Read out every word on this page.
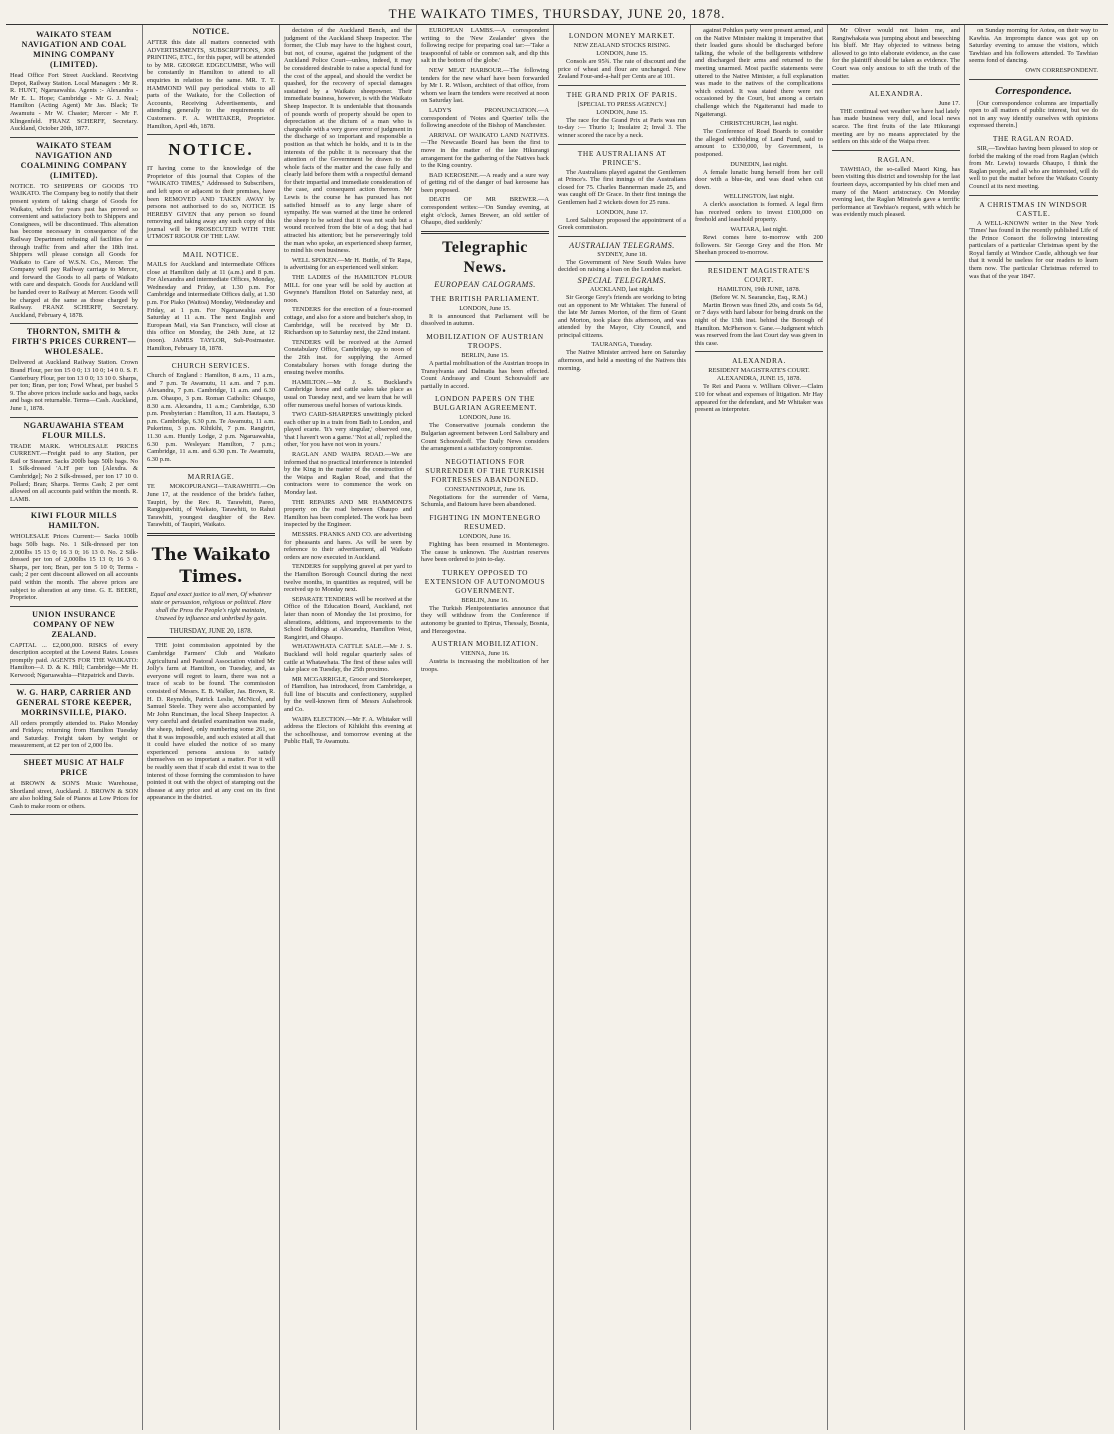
THE WAIKATO TIMES, THURSDAY, JUNE 20, 1878.
WAIKATO STEAM NAVIGATION AND COAL MINING COMPANY (LIMITED).
Head Office Fort Street Auckland. Receiving Depot, Railway Station. Local Managers : Mr R. R. HUNT, Ngaruawahia. Agents :- Alexandra - Mr E. L. Hope; Cambridge - Mr G. J. Neal; Hamilton (Acting Agent) Mr Jas. Black; Te Awamutu - Mr W. Chaster; Mercer - Mr F. Klingenfeld. FRANZ SCHERFF, Secretary. Auckland, October 20th, 1877.
WAIKATO STEAM NAVIGATION AND COALMINING COMPANY (LIMITED).
NOTICE. TO SHIPPERS OF GOODS TO WAIKATO. The Company beg to notify that their present system of taking charge of Goods for Waikato, which for years past has proved so convenient and satisfactory both to Shippers and Consignees, will be discontinued. This alteration has become necessary in consequence of the Railway Department refusing all facilities for a through traffic from and after the 18th inst. Shippers will please consign all Goods for Waikato to Care of W.S.N. Co., Mercer. The Company will pay Railway carriage to Mercer, and forward the Goods to all parts of Waikato with care and despatch. Goods for Auckland will be handed over to Railway at Mercer. Goods will be charged at the same as those charged by Railway. FRANZ SCHERFF, Secretary. Auckland, February 4, 1878.
THORNTON, SMITH & FIRTH'S PRICES CURRENT—WHOLESALE.
Delivered at Auckland Railway Station. Crown Brand Flour, per ton 15 0 0; 13 10 0; 14 0 0. S. F. Canterbury Flour, per ton 13 0 0; 13 10 0. Sharps, per ton; Bran, per ton; Fowl Wheat, per bushel 5 9. The above prices include sacks and bags, sacks and bags not returnable. Terms—Cash. Auckland, June 1, 1878.
NGARUAWAHIA STEAM FLOUR MILLS.
TRADE MARK. WHOLESALE PRICES CURRENT.—Freight paid to any Station, per Rail or Steamer. Sacks 200lb bags 50lb bags. No 1 Silk-dressed 'A.H' per ton [Alexdra. & Cambridge]; No 2 Silk-dressed, per ton 17 10 0. Pollard; Bran; Sharps. Terms Cash; 2 per cent allowed on all accounts paid within the month. R. LAMB.
KIWI FLOUR MILLS HAMILTON.
WHOLESALE Prices Current:— Sacks 100lb bags 50lb bags. No. 1 Silk-dressed per ton 2,000lbs 15 13 0; 16 3 0; 16 13 0. No. 2 Silk-dressed per ton of 2,000lbs 15 13 0; 16 3 0. Sharps, per ton; Bran, per ton 5 10 0; Terms - cash; 2 per cent discount allowed on all accounts paid within the month. The above prices are subject to alteration at any time. G. E. BEERE, Proprietor.
UNION INSURANCE COMPANY OF NEW ZEALAND.
CAPITAL ... £2,000,000. RISKS of every description accepted at the Lowest Rates. Losses promptly paid. AGENTS FOR THE WAIKATO: Hamilton—J. D. & K. Hill; Cambridge—Mr H. Kerwood; Ngaruawahia—Fitzpatrick and Davis.
W. G. HARP, CARRIER AND GENERAL STORE KEEPER, MORRINSVILLE, PIAKO.
All orders promptly attended to. Piako Monday and Fridays; returning from Hamilton Tuesday and Saturday. Freight taken by weight or measurement, at £2 per ton of 2,000 lbs.
SHEET MUSIC AT HALF PRICE
at BROWN & SON'S Music Warehouse, Shortland street, Auckland. J. BROWN & SON are also holding Sale of Pianos at Low Prices for Cash to make room or others.
NOTICE.
AFTER this date all matters connected with ADVERTISEMENTS, SUBSCRIPTIONS, JOB PRINTING, ETC., for this paper, will be attended to by MR. GEORGE EDGECUMBE, Who will be constantly in Hamilton to attend to all enquiries in relation to the same. MR. T. T. HAMMOND Will pay periodical visits to all parts of the Waikato, for the Collection of Accounts, Receiving Advertisements, and attending generally to the requirements of Customers. F. A. WHITAKER, Proprietor. Hamilton, April 4th, 1878.
NOTICE.
IT having come to the knowledge of the Proprietor of this journal that Copies of the "WAIKATO TIMES," Addressed to Subscribers, and left upon or adjacent to their premises, have been REMOVED AND TAKEN AWAY by persons not authorised to do so, NOTICE IS HEREBY GIVEN that any person so found removing and taking away any such copy of this journal will be PROSECUTED WITH THE UTMOST RIGOUR OF THE LAW.
MAIL NOTICE.
MAILS for Auckland and intermediate Offices close at Hamilton daily at 11 (a.m.) and 8 p.m. For Alexandra and intermediate Offices, Monday, Wednesday and Friday, at 1.30 p.m. For Cambridge and intermediate Offices daily, at 1.30 p.m. For Piako (Waitoa) Monday, Wednesday and Friday, at 1 p.m. For Ngaruawahia every Saturday at 11 a.m. The next English and European Mail, via San Francisco, will close at this office on Monday, the 24th June, at 12 (noon). JAMES TAYLOR, Sub-Postmaster. Hamilton, February 18, 1878.
CHURCH SERVICES.
Church of England : Hamilton, 8 a.m., 11 a.m., and 7 p.m. Te Awamutu, 11 a.m. and 7 p.m. Alexandra, 7 p.m. Cambridge, 11 a.m. and 6.30 p.m. Ohaupo, 3 p.m. Roman Catholic: Ohaupo, 8.30 a.m. Alexandra, 11 a.m.; Cambridge, 6.30 p.m. Presbyterian : Hamilton, 11 a.m. Hautapu, 3 p.m. Cambridge, 6.30 p.m. Te Awamutu, 11 a.m. Pukerimu, 3 p.m. Kihikihi, 7 p.m. Rangiriri, 11.30 a.m. Huntly Lodge, 2 p.m. Ngaruawahia, 6.30 p.m. Wesleyan: Hamilton, 7 p.m.; Cambridge, 11 a.m. and 6.30 p.m. Te Awamutu, 6.30 p.m.
MARRIAGE.
TE MOKOPURANGI—TARAWHITI.—On June 17, at the residence of the bride's father, Taupiri, by the Rev. R. Tarawhiti, Pareo, Rangipawhiti, of Waikato, Tarawhiti, to Rahui Tarawhiti, youngest daughter of the Rev. Tarawhiti, of Taupiri, Waikato.
The Waikato Times.
Equal and exact justice to all men, Of whatever state or persuasion, religious or political. Here shall the Press the People's right maintain, Unawed by influence and unbribed by gain.
THURSDAY, JUNE 20, 1878.

THE joint commission appointed by the Cambridge Farmers' Club and Waikato Agricultural and Pastoral Association visited Mr Jolly's farm at Hamilton, on Tuesday, and, as everyone will regret to learn, there was not a trace of scab to be found. The commission consisted of Messrs. E. B. Walker, Jas. Brown, R. H. D. Reynolds, Patrick Leslie, McNicol, and Samuel Steele. They were also accompanied by Mr John Runciman, the local Sheep Inspector. A very careful and detailed examination was made, the sheep, indeed, only numbering some 261, so that it was impossible, and such existed at all that it could have eluded the notice of so many experienced persons anxious to satisfy themselves on so important a matter. For it will be readily seen that if scab did exist it was to the interest of those forming the commission to have pointed it out with the object of stamping out the disease at any price and at any cost on its first appearance in the district.

decision of the Auckland Bench, and the judgment of the Auckland Sheep Inspector. The former, the Club may have to the highest court, but not, of course, against the judgment of the Auckland Police Court—unless, indeed, it may be considered desirable to raise a special fund for the cost of the appeal, and should the verdict be quashed, for the recovery of special damages sustained by a Waikato sheepowner. Their immediate business, however, is with the Waikato Sheep Inspector. It is undeniable that thousands of pounds worth of property should be open to depreciation at the dictum of a man who is chargeable with a very grave error of judgment in the discharge of so important and responsible a position as that which he holds, and it is in the interests of the public it is necessary that the attention of the Government be drawn to the whole facts of the matter and the case fully and clearly laid before them with a respectful demand for their impartial and immediate consideration of the case, and consequent action thereon. Mr Lewis is the course he has pursued has not satisfied himself as to any large share of sympathy. He was warned at the time he ordered the sheep to be seized that it was not scab but a wound received from the bite of a dog; that had attracted his attention; but he perseveringly told the man who spoke, an experienced sheep farmer, to mind his own business.

WELL SPOKEN.—Mr H. Buttle, of Te Rapa, is advertising for an experienced well sinker.

THE LADIES of the HAMILTON FLOUR MILL for one year will be sold by auction at Gwynne's Hamilton Hotel on Saturday next, at noon.

TENDERS for the erection of a four-roomed cottage, and also for a store and butcher's shop, in Cambridge, will be received by Mr D. Richardson up to Saturday next, the 22nd instant.

TENDERS will be received at the Armed Constabulary Office, Cambridge, up to noon of the 26th inst. for supplying the Armed Constabulary horses with forage during the ensuing twelve months.

HAMILTON.—Mr J. S. Buckland's Cambridge horse and cattle sales take place as usual on Tuesday next, and we learn that he will offer numerous useful horses of various kinds.

TWO CARD-SHARPERS unwittingly picked each other up in a train from Bath to London, and played ecarte. 'It's very singular,' observed one, 'that I haven't won a game.' 'Not at all,' replied the other, 'for you have not won in yours.'

RAGLAN AND WAIPA ROAD.—We are informed that no practical interference is intended by the King in the matter of the construction of the Waipa and Raglan Road, and that the contractors were to commence the work on Monday last.

THE REPAIRS AND MR HAMMOND'S property on the road between Ohaupo and Hamilton has been completed. The work has been inspected by the Engineer.

MESSRS. FRANKS AND CO. are advertising for pheasants and hares. As will be seen by reference to their advertisement, all Waikato orders are now executed in Auckland.

TENDERS for supplying gravel at per yard to the Hamilton Borough Council during the next twelve months, in quantities as required, will be received up to Monday next.

SEPARATE TENDERS will be received at the Office of the Education Board, Auckland, not later than noon of Monday the 1st proximo, for alterations, additions, and improvements to the School Buildings at Alexandra, Hamilton West, Rangiriri, and Ohaupo.

WHATAWHATA CATTLE SALE.—Mr J. S. Buckland will hold regular quarterly sales of cattle at Whatawhata. The first of these sales will take place on Tuesday, the 25th proximo.

MR MCGARRIGLE, Grocer and Storekeeper, of Hamilton, has introduced, from Cambridge, a full line of biscuits and confectionery, supplied by the well-known firm of Messrs Aulsebrook and Co.

WAIPA ELECTION.—Mr F. A. Whitaker will address the Electors of Kihikihi this evening at the schoolhouse, and tomorrow evening at the Public Hall, Te Awamutu.

EUROPEAN LAMBS.—A correspondent writing to the 'New Zealander' gives the following recipe for preparing coal tar:—'Take a teaspoonful of table or common salt, and dip this salt in the bottom of the globe.'

NEW MEAT HARBOUR.—The following tenders for the new wharf have been forwarded by Mr I. R. Wilson, architect of that office, from whom we learn the tenders were received at noon on Saturday last.

LADY'S PRONUNCIATION.—A correspondent of 'Notes and Queries' tells the following anecdote of the Bishop of Manchester.

ARRIVAL OF WAIKATO LAND NATIVES.—The Newcastle Board has been the first to move in the matter of the late Hikurangi arrangement for the gathering of the Natives back to the King country.

BAD KEROSENE.—A ready and a sure way of getting rid of the danger of bad kerosene has been proposed.

DEATH OF MR BREWER.—A correspondent writes:—'On Sunday evening, at eight o'clock, James Brewer, an old settler of Ohaupo, died suddenly.'

Telegraphic News.
EUROPEAN CALOGRAMS.
THE BRITISH PARLIAMENT.
LONDON, June 15.

It is announced that Parliament will be dissolved in autumn.

MOBILIZATION OF AUSTRIAN TROOPS.
BERLIN, June 15.

A partial mobilisation of the Austrian troops in Transylvania and Dalmatia has been effected. Count Andrassy and Count Schouvaloff are partially in accord.

LONDON PAPERS ON THE BULGARIAN AGREEMENT.
LONDON, June 16.

The Conservative journals condemn the Bulgarian agreement between Lord Salisbury and Count Schouvaloff. The Daily News considers the arrangement a satisfactory compromise.

NEGOTIATIONS FOR SURRENDER OF THE TURKISH FORTRESSES ABANDONED.
CONSTANTINOPLE, June 16.

Negotiations for the surrender of Varna, Schumla, and Batoum have been abandoned.

FIGHTING IN MONTENEGRO RESUMED.
LONDON, June 16.

Fighting has been resumed in Montenegro. The cause is unknown. The Austrian reserves have been ordered to join to-day.

TURKEY OPPOSED TO EXTENSION OF AUTONOMOUS GOVERNMENT.
BERLIN, June 16.

The Turkish Plenipotentiaries announce that they will withdraw from the Conference if autonomy be granted to Epirus, Thessaly, Bosnia, and Herzegovina.

AUSTRIAN MOBILIZATION.
VIENNA, June 16.

Austria is increasing the mobilization of her troops.

LONDON MONEY MARKET.
NEW ZEALAND STOCKS RISING.
LONDON, June 15.

Consols are 95¾. The rate of discount and the price of wheat and flour are unchanged. New Zealand Four-and-a-half per Cents are at 101.

THE GRAND PRIX OF PARIS.
[SPECIAL TO PRESS AGENCY.]
LONDON, June 15.

The race for the Grand Prix at Paris was run to-day :— Thurio 1; Insulaire 2; Inval 3. The winner scored the race by a neck.

THE AUSTRALIANS AT PRINCE'S.

The Australians played against the Gentlemen at Prince's. The first innings of the Australians closed for 75. Charles Bannerman made 25, and was caught off Dr Grace. In their first innings the Gentlemen had 2 wickets down for 25 runs.

LONDON, June 17.

Lord Salisbury proposed the appointment of a Greek commission.

AUSTRALIAN TELEGRAMS.
SYDNEY, June 18.

The Government of New South Wales have decided on raising a loan on the London market.

SPECIAL TELEGRAMS.
AUCKLAND, last night.

Sir George Grey's friends are working to bring out an opponent to Mr Whitaker. The funeral of the late Mr James Morton, of the firm of Grant and Morton, took place this afternoon, and was attended by the Mayor, City Council, and principal citizens.

TAURANGA, Tuesday.

The Native Minister arrived here on Saturday afternoon, and held a meeting of the Natives this morning.

against Pohikes party were present armed, and on the Native Minister making it imperative that their loaded guns should be discharged before talking, the whole of the belligerents withdrew and discharged their arms and returned to the meeting unarmed. Most pacific statements were uttered to the Native Minister, a full explanation was made to the natives of the complications which existed. It was stated there were not occasioned by the Court, but among a certain challenge which the Ngaiteranui had made to Ngaiterangi.

CHRISTCHURCH, last night.

The Conference of Road Boards to consider the alleged withholding of Land Fund, said to amount to £330,000, by Government, is postponed.

DUNEDIN, last night.

A female lunatic hung herself from her cell door with a blue-tie, and was dead when cut down.

WELLINGTON, last night.

A clerk's association is formed. A legal firm has received orders to invest £100,000 on freehold and leasehold property.

WAITARA, last night.

Rewi comes here to-morrow with 200 followers. Sir George Grey and the Hon. Mr Sheehan proceed to-morrow.

RESIDENT MAGISTRATE'S COURT.
HAMILTON, 19th JUNE, 1878.
(Before W. N. Searancke, Esq., R.M.)

Martin Brown was fined 20s, and costs 5s 6d, or 7 days with hard labour for being drunk on the night of the 13th inst. behind the Borough of Hamilton. McPherson v. Gane.—Judgment which was reserved from the last Court day was given in this case.

ALEXANDRA.
RESIDENT MAGISTRATE'S COURT.
ALEXANDRA, JUNE 15, 1878.

Te Rei and Paora v. William Oliver.—Claim £10 for wheat and expenses of litigation. Mr Hay appeared for the defendant, and Mr Whitaker was present as interpreter.

Mr Oliver would not listen me, and Rangiwhakaia was jumping about and beseeching his bluff. Mr Hay objected to witness being allowed to go into elaborate evidence, as the case for the plaintiff should be taken as evidence. The Court was only anxious to sift the truth of the matter.

ALEXANDRA.
June 17.

THE continual wet weather we have had lately has made business very dull, and local news scarce. The first fruits of the late Hikurangi meeting are by no means appreciated by the settlers on this side of the Waipa river.

RAGLAN.

TAWHIAO, the so-called Maori King, has been visiting this district and township for the last fourteen days, accompanied by his chief men and many of the Maori aristocracy. On Monday evening last, the Raglan Minstrels gave a terrific performance at Tawhiao's request, with which he was evidently much pleased.

on Sunday morning for Aotea, on their way to Kawhia. An impromptu dance was got up on Saturday evening to amuse the visitors, which Tawhiao and his followers attended. To Tawhiao seems fond of dancing.

OWN CORRESPONDENT.
Correspondence.

[Our correspondence columns are impartially open to all matters of public interest, but we do not in any way identify ourselves with opinions expressed therein.]

THE RAGLAN ROAD.

SIR,—Tawhiao having been pleased to stop or forbid the making of the road from Raglan (which from Mr. Lewis) towards Ohaupo, I think the Raglan people, and all who are interested, will do well to put the matter before the Waikato County Council at its next meeting.

A CHRISTMAS IN WINDSOR CASTLE.

A WELL-KNOWN writer in the New York 'Times' has found in the recently published Life of the Prince Consort the following interesting particulars of a particular Christmas spent by the Royal family at Windsor Castle, although we fear that it would be useless for our readers to learn them now. The particular Christmas referred to was that of the year 1847.
